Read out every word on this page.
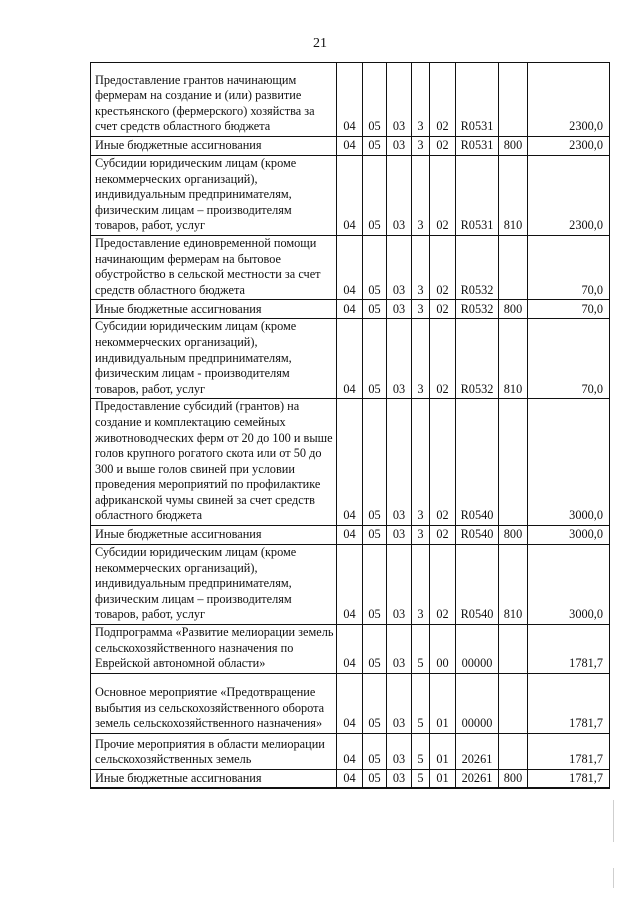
21
Предоставление грантов начинающим фермерам на создание и (или) развитие крестьянского (фермерского) хозяйства за счет средств областного бюджета	04	05	03	3	02	R0531		2300,0
Иные бюджетные ассигнования	04	05	03	3	02	R0531	800	2300,0
Субсидии юридическим лицам (кроме некоммерческих организаций), индивидуальным предпринимателям, физическим лицам – производителям товаров, работ, услуг	04	05	03	3	02	R0531	810	2300,0
Предоставление единовременной помощи начинающим фермерам на бытовое обустройство в сельской местности за счет средств областного бюджета	04	05	03	3	02	R0532		70,0
Иные бюджетные ассигнования	04	05	03	3	02	R0532	800	70,0
Субсидии юридическим лицам (кроме некоммерческих организаций), индивидуальным предпринимателям, физическим лицам - производителям товаров, работ, услуг	04	05	03	3	02	R0532	810	70,0
Предоставление субсидий (грантов) на создание и комплектацию семейных животноводческих ферм от 20 до 100 и выше голов крупного рогатого скота или от 50 до 300 и выше голов свиней при условии проведения мероприятий по профилактике африканской чумы свиней за счет средств областного бюджета	04	05	03	3	02	R0540		3000,0
Иные бюджетные ассигнования	04	05	03	3	02	R0540	800	3000,0
Субсидии юридическим лицам (кроме некоммерческих организаций), индивидуальным предпринимателям, физическим лицам – производителям товаров, работ, услуг	04	05	03	3	02	R0540	810	3000,0
Подпрограмма «Развитие мелиорации земель сельскохозяйственного назначения по Еврейской автономной области»	04	05	03	5	00	00000		1781,7
Основное мероприятие «Предотвращение выбытия из сельскохозяйственного оборота земель сельскохозяйственного назначения»	04	05	03	5	01	00000		1781,7
Прочие мероприятия в области мелиорации сельскохозяйственных земель	04	05	03	5	01	20261		1781,7
Иные бюджетные ассигнования	04	05	03	5	01	20261	800	1781,7
